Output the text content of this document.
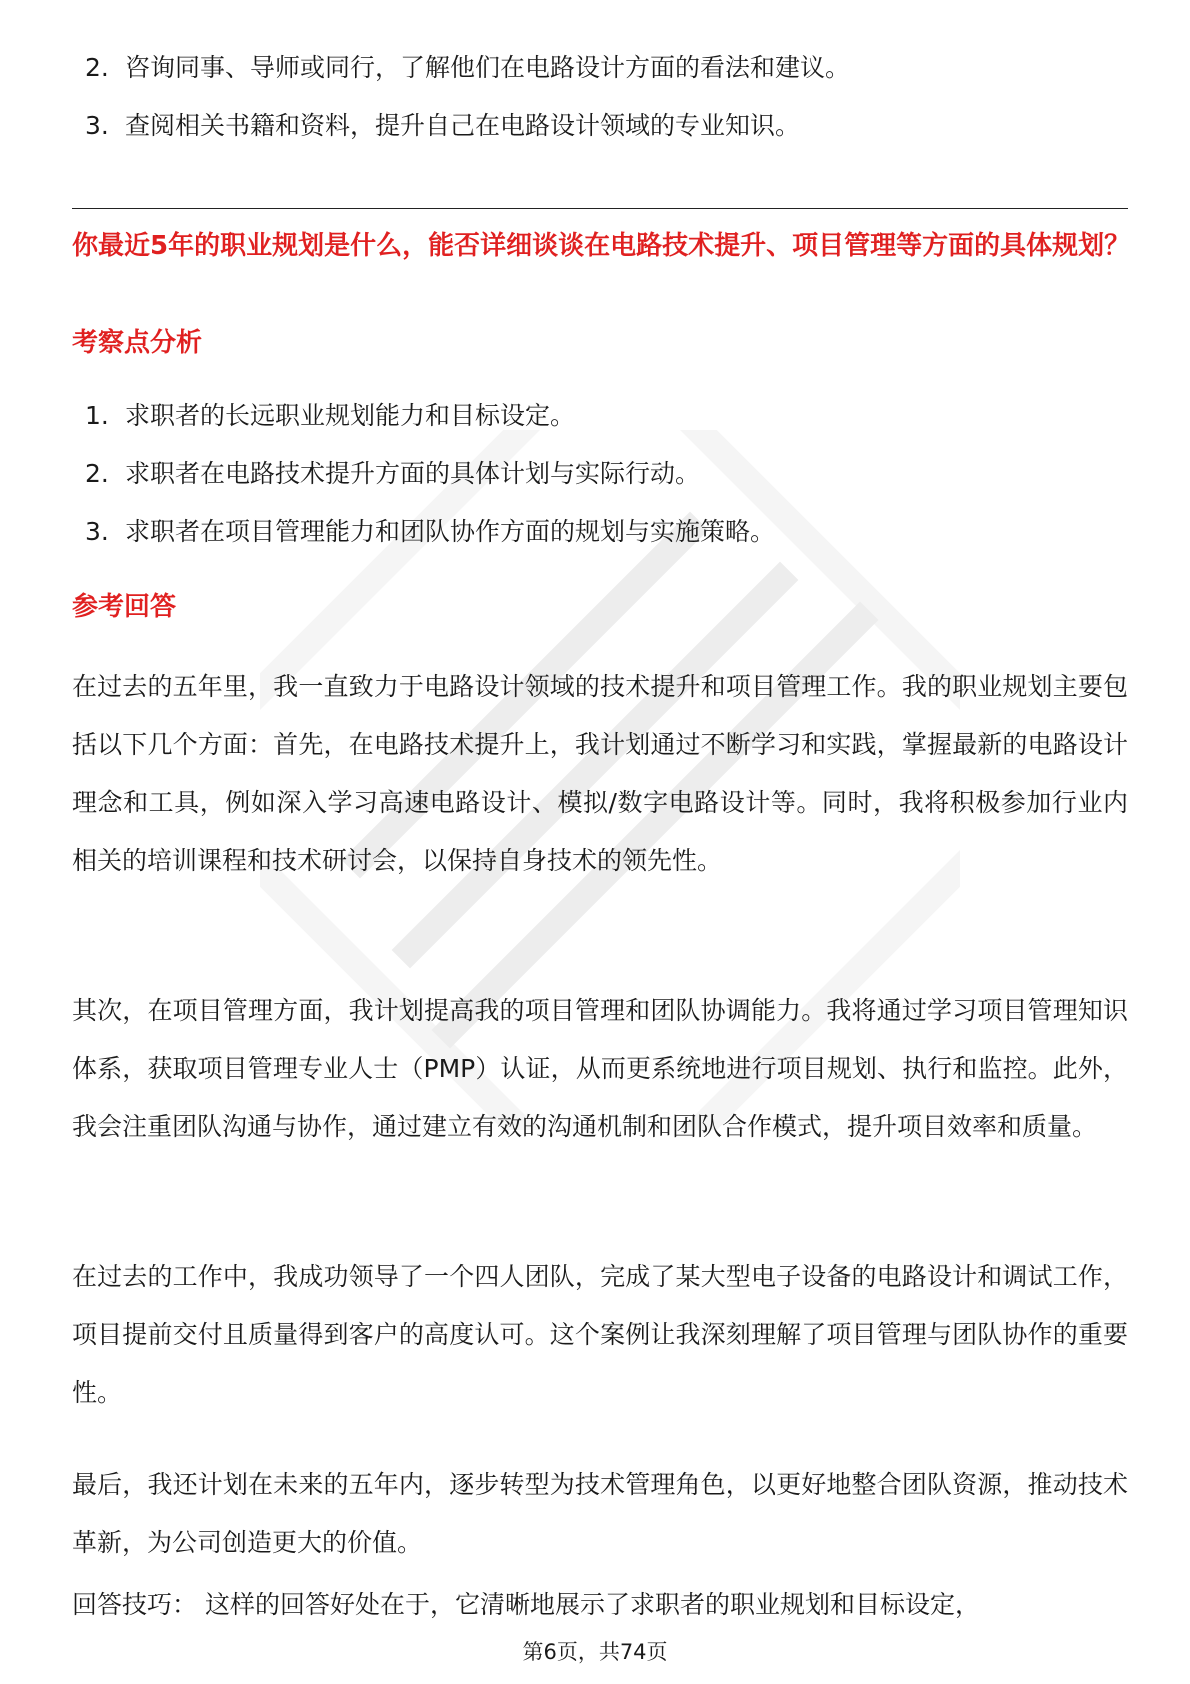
2. 咨询同事、导师或同行，了解他们在电路设计方面的看法和建议。
3. 查阅相关书籍和资料，提升自己在电路设计领域的专业知识。
你最近5年的职业规划是什么，能否详细谈谈在电路技术提升、项目管理等方面的具体规划？
考察点分析
1. 求职者的长远职业规划能力和目标设定。
2. 求职者在电路技术提升方面的具体计划与实际行动。
3. 求职者在项目管理能力和团队协作方面的规划与实施策略。
参考回答

在过去的五年里，我一直致力于电路设计领域的技术提升和项目管理工作。我的职业规划主要包括以下几个方面：首先，在电路技术提升上，我计划通过不断学习和实践，掌握最新的电路设计理念和工具，例如深入学习高速电路设计、模拟/数字电路设计等。同时，我将积极参加行业内相关的培训课程和技术研讨会，以保持自身技术的领先性。

其次，在项目管理方面，我计划提高我的项目管理和团队协调能力。我将通过学习项目管理知识体系，获取项目管理专业人士（PMP）认证，从而更系统地进行项目规划、执行和监控。此外，我会注重团队沟通与协作，通过建立有效的沟通机制和团队合作模式，提升项目效率和质量。

在过去的工作中，我成功领导了一个四人团队，完成了某大型电子设备的电路设计和调试工作，项目提前交付且质量得到客户的高度认可。这个案例让我深刻理解了项目管理与团队协作的重要性。

最后，我还计划在未来的五年内，逐步转型为技术管理角色，以更好地整合团队资源，推动技术革新，为公司创造更大的价值。

回答技巧： 这样的回答好处在于，它清晰地展示了求职者的职业规划和目标设定，
第6页，共74页
